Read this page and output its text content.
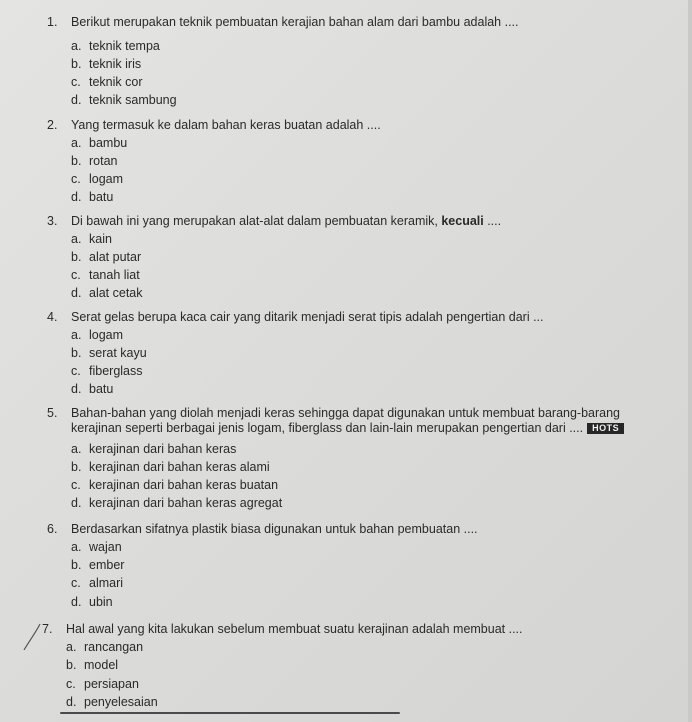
1.	Berikut merupakan teknik pembuatan kerajian bahan alam dari bambu adalah ....
a. teknik tempa
b. teknik iris
c. teknik cor
d. teknik sambung
2.	Yang termasuk ke dalam bahan keras buatan adalah ....
a. bambu
b. rotan
c. logam
d. batu
3.	Di bawah ini yang merupakan alat-alat dalam pembuatan keramik, kecuali ....
a. kain
b. alat putar
c. tanah liat
d. alat cetak
4.	Serat gelas berupa kaca cair yang ditarik menjadi serat tipis adalah pengertian dari ...
a. logam
b. serat kayu
c. fiberglass
d. batu
5.	Bahan-bahan yang diolah menjadi keras sehingga dapat digunakan untuk membuat barang-barang
kerajinan seperti berbagai jenis logam, fiberglass dan lain-lain merupakan pengertian dari .... HOTS
a. kerajinan dari bahan keras
b. kerajinan dari bahan keras alami
c. kerajinan dari bahan keras buatan
d. kerajinan dari bahan keras agregat
6.	Berdasarkan sifatnya plastik biasa digunakan untuk bahan pembuatan ....
a. wajan
b. ember
c. almari
d. ubin
7.	Hal awal yang kita lakukan sebelum membuat suatu kerajinan adalah membuat ....
a. rancangan
b. model
c. persiapan
d. penyelesaian
